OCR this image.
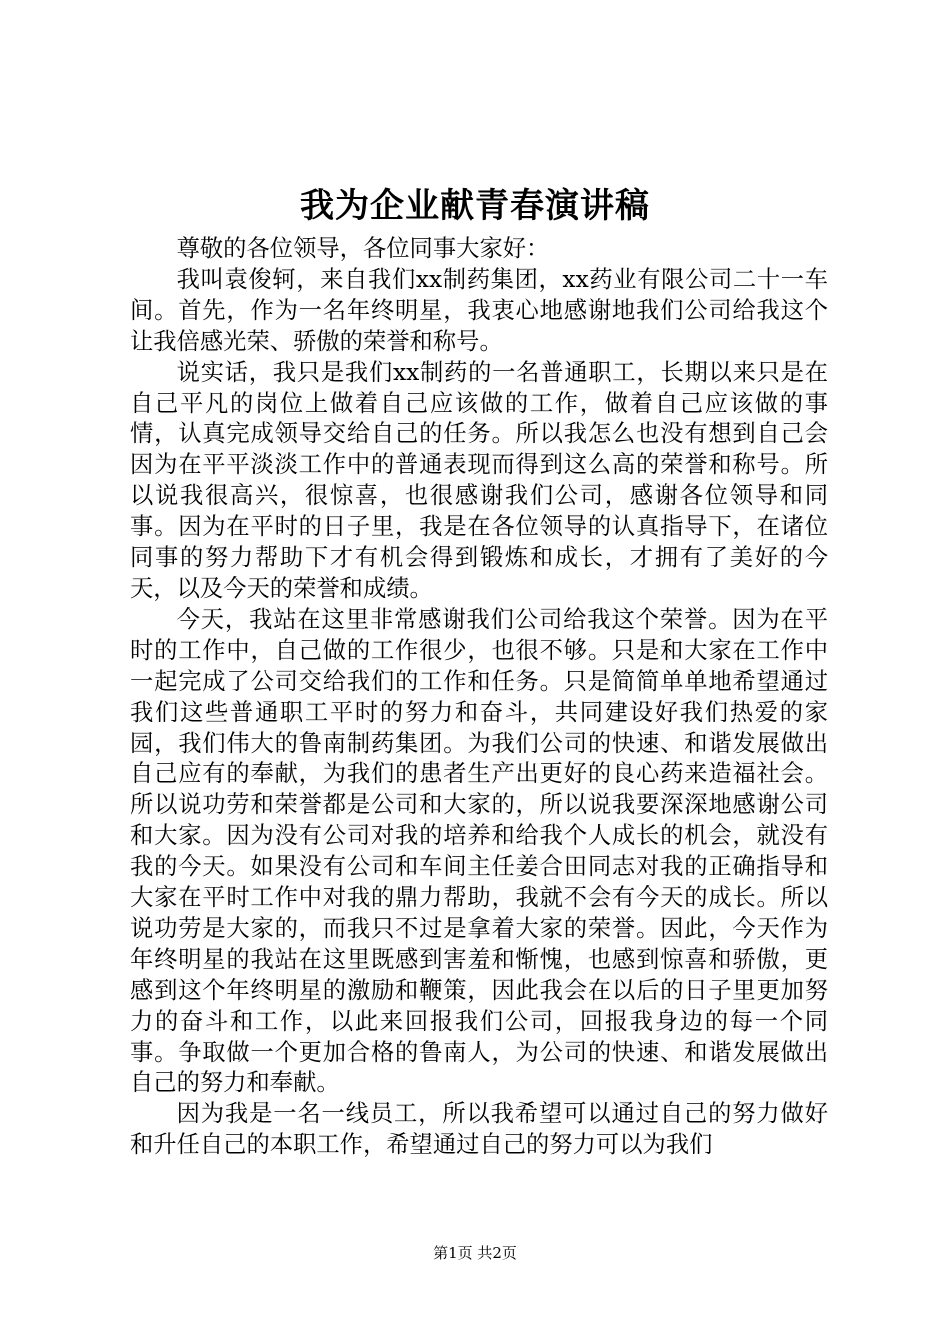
我为企业献青春演讲稿

尊敬的各位领导，各位同事大家好：

我叫袁俊轲，来自我们xx制药集团，xx药业有限公司二十一车间。首先，作为一名年终明星，我衷心地感谢地我们公司给我这个让我倍感光荣、骄傲的荣誉和称号。

说实话，我只是我们xx制药的一名普通职工，长期以来只是在自己平凡的岗位上做着自己应该做的工作，做着自己应该做的事情，认真完成领导交给自己的任务。所以我怎么也没有想到自己会因为在平平淡淡工作中的普通表现而得到这么高的荣誉和称号。所以说我很高兴，很惊喜，也很感谢我们公司，感谢各位领导和同事。因为在平时的日子里，我是在各位领导的认真指导下，在诸位同事的努力帮助下才有机会得到锻炼和成长，才拥有了美好的今天，以及今天的荣誉和成绩。

今天，我站在这里非常感谢我们公司给我这个荣誉。因为在平时的工作中，自己做的工作很少，也很不够。只是和大家在工作中一起完成了公司交给我们的工作和任务。只是简简单单地希望通过我们这些普通职工平时的努力和奋斗，共同建设好我们热爱的家园，我们伟大的鲁南制药集团。为我们公司的快速、和谐发展做出自己应有的奉献，为我们的患者生产出更好的良心药来造福社会。所以说功劳和荣誉都是公司和大家的，所以说我要深深地感谢公司和大家。因为没有公司对我的培养和给我个人成长的机会，就没有我的今天。如果没有公司和车间主任姜合田同志对我的正确指导和大家在平时工作中对我的鼎力帮助，我就不会有今天的成长。所以说功劳是大家的，而我只不过是拿着大家的荣誉。因此，今天作为年终明星的我站在这里既感到害羞和惭愧，也感到惊喜和骄傲，更感到这个年终明星的激励和鞭策，因此我会在以后的日子里更加努力的奋斗和工作，以此来回报我们公司，回报我身边的每一个同事。争取做一个更加合格的鲁南人，为公司的快速、和谐发展做出自己的努力和奉献。

因为我是一名一线员工，所以我希望可以通过自己的努力做好和升任自己的本职工作，希望通过自己的努力可以为我们

第1页 共2页
